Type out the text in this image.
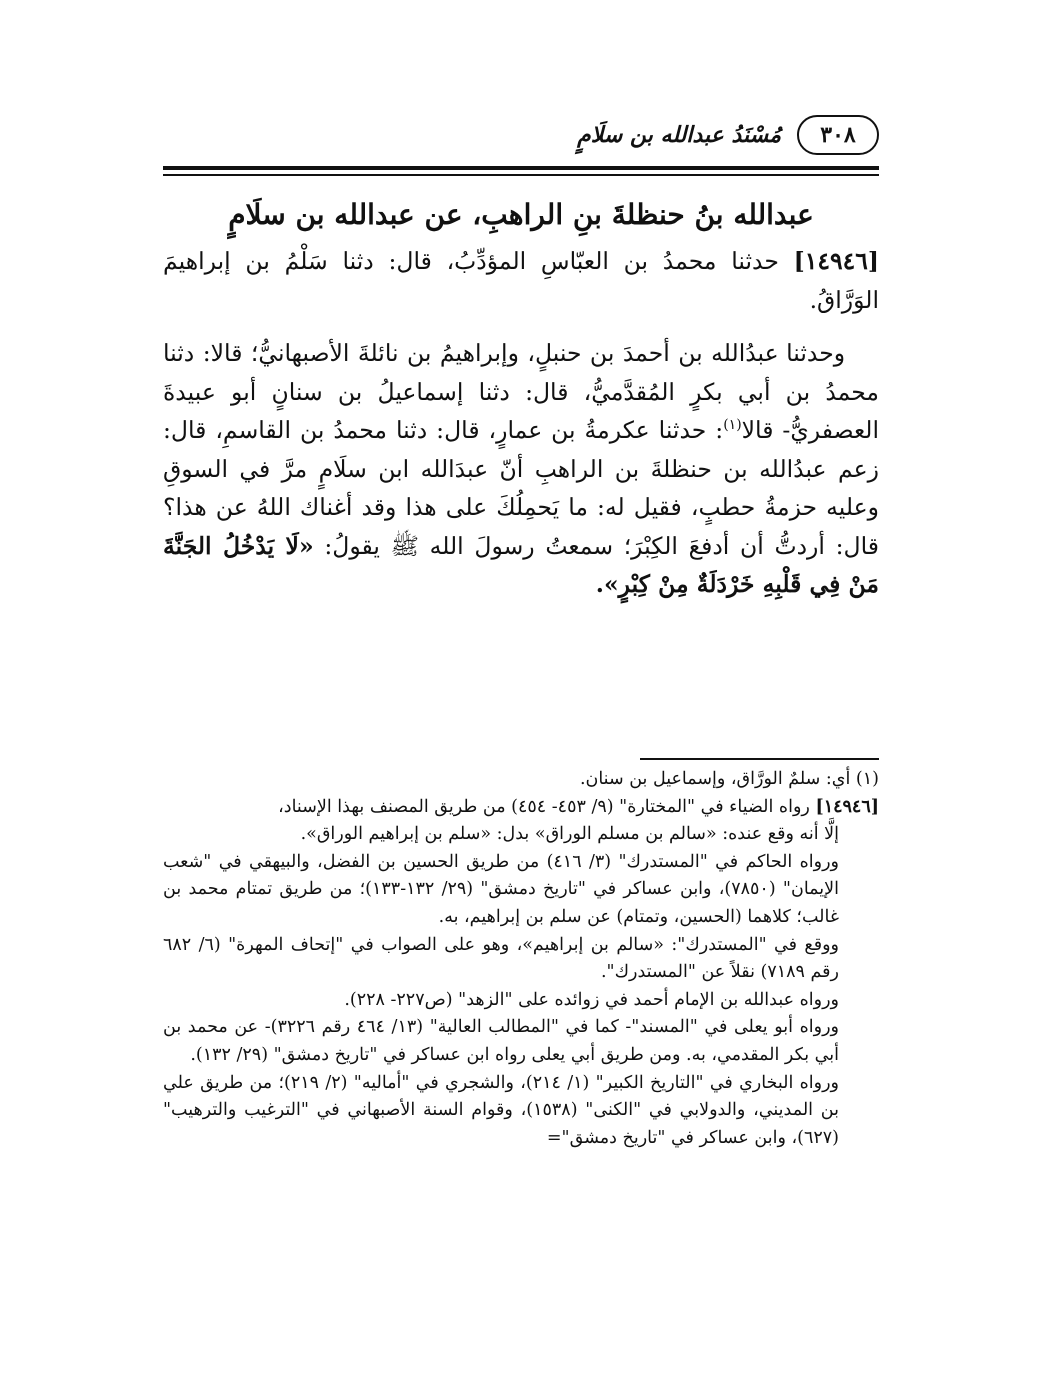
٣٠٨
مُسْنَدُ عبدالله بن سلَامٍ
عبدالله بنُ حنظلةَ بنِ الراهبِ، عن عبدالله بن سلَامٍ

[١٤٩٤٦] حدثنا محمدُ بن العبّاسِ المؤدِّبُ، قال: دثنا سَلْمُ بن إبراهيمَ الوَرَّاقُ.

وحدثنا عبدُالله بن أحمدَ بن حنبلٍ، وإبراهيمُ بن نائلةَ الأصبهانيُّ؛ قالا: دثنا محمدُ بن أبي بكرٍ المُقدَّميُّ، قال: دثنا إسماعيلُ بن سنانٍ أبو عبيدةَ العصفريُّ- قالا$^{(١)}$: حدثنا عكرمةُ بن عمارٍ، قال: دثنا محمدُ بن القاسمِ، قال: زعم عبدُالله بن حنظلةَ بن الراهبِ أنّ عبدَالله ابن سلَامٍ مرَّ في السوقِ وعليه حزمةُ حطبٍ، فقيل له: ما يَحمِلُكَ على هذا وقد أغناك اللهُ عن هذا؟ قال: أردتُّ أن أدفعَ الكِبْرَ؛ سمعتُ رسولَ الله ﷺ يقولُ: «لَا يَدْخُلُ الجَنَّةَ مَنْ فِي قَلْبِهِ خَرْدَلَةٌ مِنْ كِبْرٍ».

(١) أي: سلمٌ الورَّاق، وإسماعيل بن سنان.

[١٤٩٤٦] رواه الضياء في "المختارة" (٩/ ٤٥٣- ٤٥٤) من طريق المصنف بهذا الإسناد،

إلَّا أنه وقع عنده: «سالم بن مسلم الوراق» بدل: «سلم بن إبراهيم الوراق».

ورواه الحاكم في "المستدرك" (٣/ ٤١٦) من طريق الحسين بن الفضل، والبيهقي في "شعب الإيمان" (٧٨٥٠)، وابن عساكر في "تاريخ دمشق" (٢٩/ ١٣٢-١٣٣)؛ من طريق تمتام محمد بن غالب؛ كلاهما (الحسين، وتمتام) عن سلم بن إبراهيم، به.

ووقع في "المستدرك": «سالم بن إبراهيم»، وهو على الصواب في "إتحاف المهرة" (٦/ ٦٨٢ رقم ٧١٨٩) نقلاً عن "المستدرك".

ورواه عبدالله بن الإمام أحمد في زوائده على "الزهد" (ص٢٢٧- ٢٢٨).

ورواه أبو يعلى في "المسند"- كما في "المطالب العالية" (١٣/ ٤٦٤ رقم ٣٢٢٦)- عن محمد بن أبي بكر المقدمي، به. ومن طريق أبي يعلى رواه ابن عساكر في "تاريخ دمشق" (٢٩/ ١٣٢).

ورواه البخاري في "التاريخ الكبير" (١/ ٢١٤)، والشجري في "أماليه" (٢/ ٢١٩)؛ من طريق علي بن المديني، والدولابي في "الكنى" (١٥٣٨)، وقوام السنة الأصبهاني في "الترغيب والترهيب" (٦٢٧)، وابن عساكر في "تاريخ دمشق"=
